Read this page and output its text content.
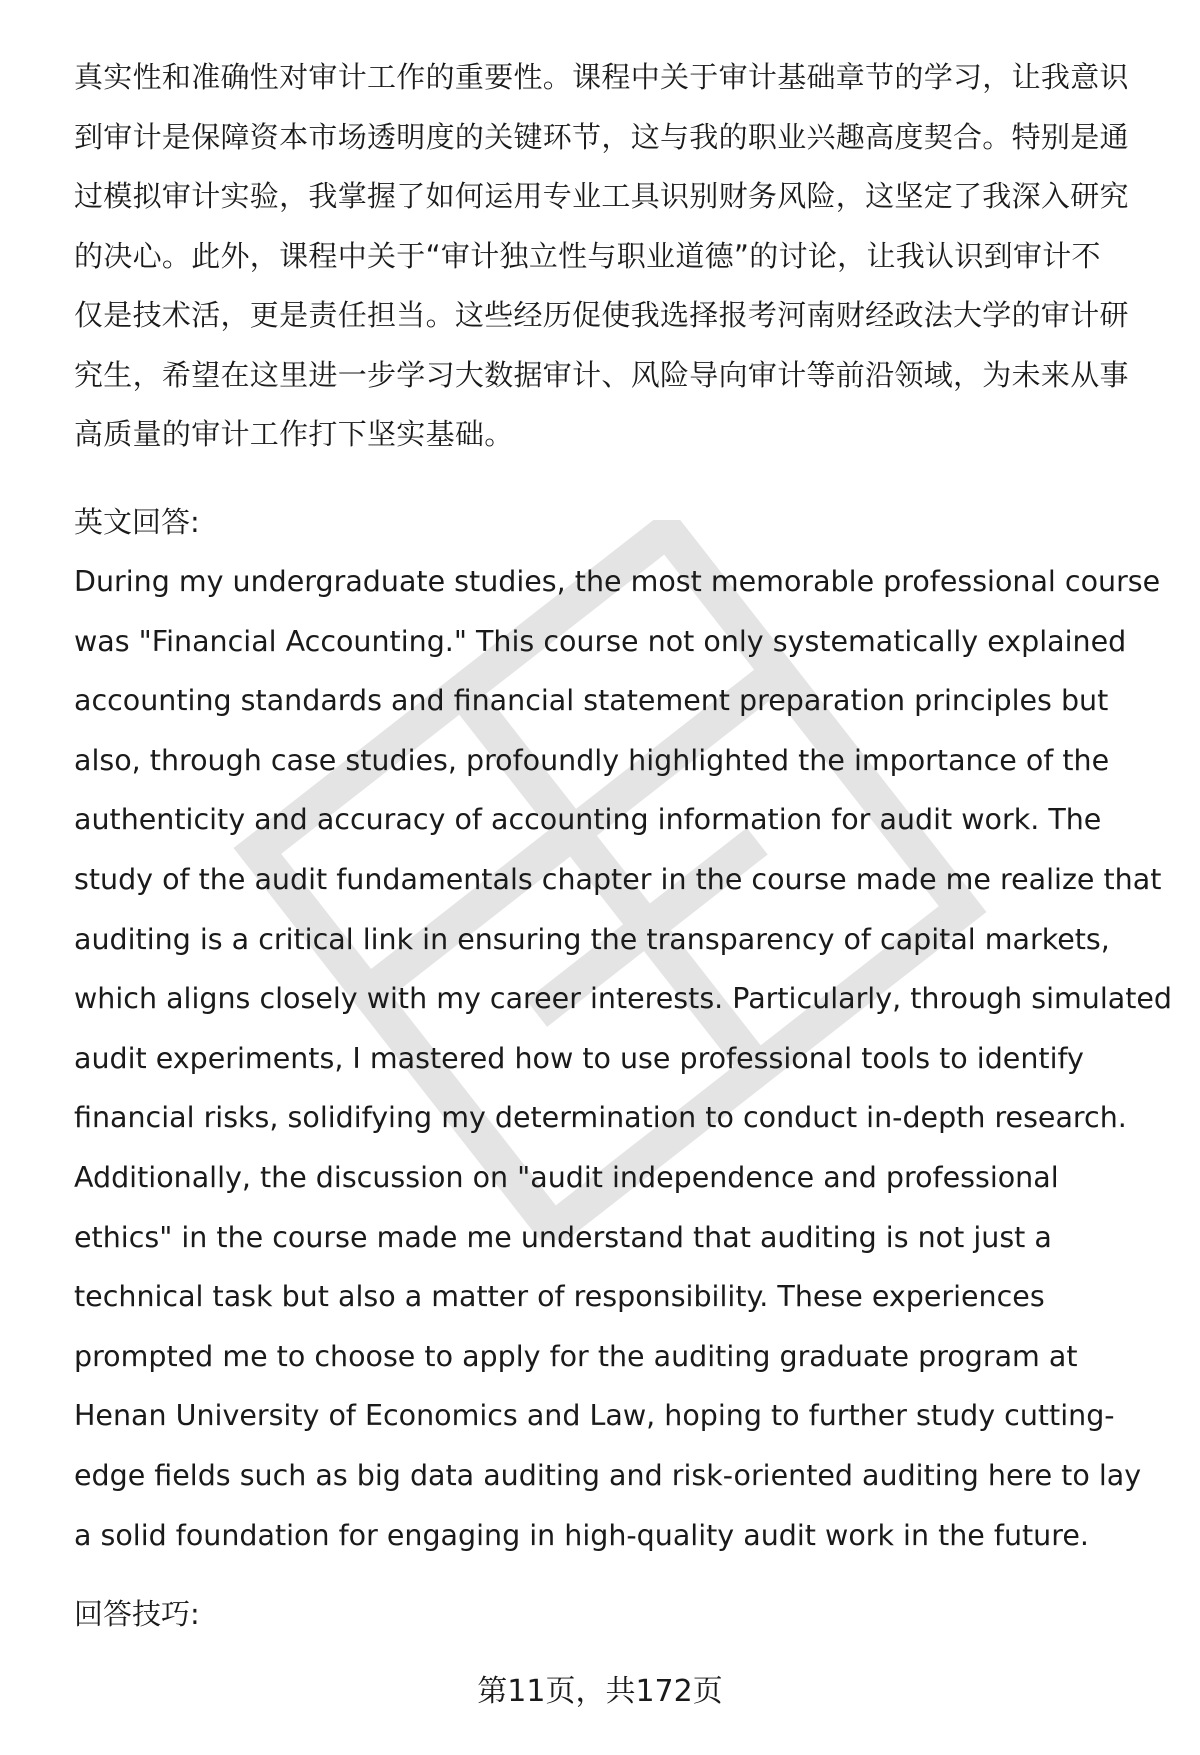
真实性和准确性对审计工作的重要性。课程中关于审计基础章节的学习，让我意识
到审计是保障资本市场透明度的关键环节，这与我的职业兴趣高度契合。特别是通
过模拟审计实验，我掌握了如何运用专业工具识别财务风险，这坚定了我深入研究
的决心。此外，课程中关于“审计独立性与职业道德”的讨论，让我认识到审计不
仅是技术活，更是责任担当。这些经历促使我选择报考河南财经政法大学的审计研
究生，希望在这里进一步学习大数据审计、风险导向审计等前沿领域，为未来从事
高质量的审计工作打下坚实基础。

英文回答:

During my undergraduate studies, the most memorable professional course
was "Financial Accounting." This course not only systematically explained
accounting standards and financial statement preparation principles but
also, through case studies, profoundly highlighted the importance of the
authenticity and accuracy of accounting information for audit work. The
study of the audit fundamentals chapter in the course made me realize that
auditing is a critical link in ensuring the transparency of capital markets,
which aligns closely with my career interests. Particularly, through simulated
audit experiments, I mastered how to use professional tools to identify
financial risks, solidifying my determination to conduct in-depth research.
Additionally, the discussion on "audit independence and professional
ethics" in the course made me understand that auditing is not just a
technical task but also a matter of responsibility. These experiences
prompted me to choose to apply for the auditing graduate program at
Henan University of Economics and Law, hoping to further study cutting-
edge fields such as big data auditing and risk-oriented auditing here to lay
a solid foundation for engaging in high-quality audit work in the future.

回答技巧:

第11页，共172页
